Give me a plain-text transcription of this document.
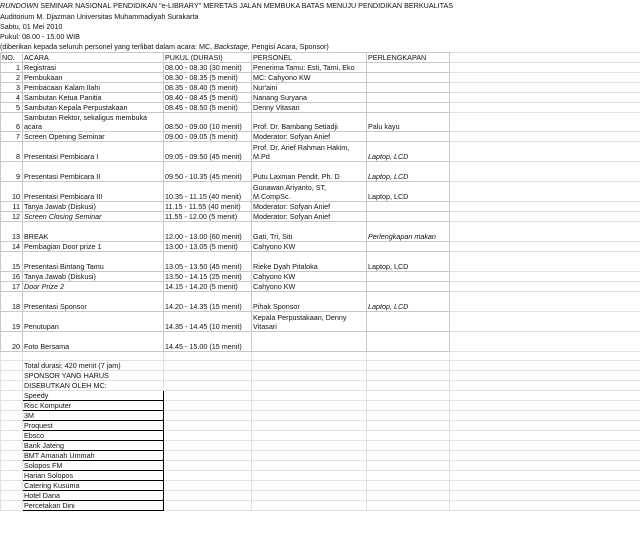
RUNDOWN SEMINAR NASIONAL PENDIDIKAN "e-LIBRARY" MERETAS JALAN MEMBUKA BATAS MENUJU PENDIDIKAN BERKUALITAS
Auditorium M. Djazman Universitas Muhammadiyah Surakarta
Sabtu, 01 Mei 2010
Pukul: 08.00 - 15.00 WIB
(diberikan kepada seluruh personel yang terlibat dalam acara: MC, Backstage, Pengisi Acara, Sponsor)
NO.	ACARA	PUKUL (DURASI)	PERSONEL	PERLENGKAPAN	
1	Registrasi	08.00 - 08.30 (30 menit)	Penerima Tamu: Esti, Tami, Eko		
2	Pembukaan	08.30 - 08.35 (5 menit)	MC: Cahyono KW		
3	Pembacaan Kalam Ilahi	08.35 - 08.40 (5 menit)	Nur'aini		
4	Sambutan Ketua Panitia	08.40 - 08.45 (5 menit)	Nanang Suryana		
5	Sambutan Kepala Perpustakaan	08.45 - 08.50 (5 menit)	Denny Vitasari		
6	Sambutan Rektor, sekaligus membuka acara	08.50 - 09.00 (10 menit)	Prof. Dr. Bambang Setiadji	Palu kayu	
7	Screen Opening Seminar	09.00 - 09.05 (5 menit)	Moderator: Sofyan Anief		
8	Presentasi Pembicara I	09.05 - 09.50 (45 menit)	Prof. Dr. Arief Rahman Hakim, M.Pd	Laptop, LCD	
9	Presentasi Pembicara II	09.50 - 10.35 (45 menit)	Putu Laxman Pendit, Ph. D	Laptop, LCD	
10	Presentasi Pembicara III	10.35 - 11.15 (40 menit)	Gunawan Ariyanto, ST, M.CompSc.	Laptop, LCD	
11	Tanya Jawab (Diskusi)	11.15 - 11.55 (40 menit)	Moderator: Sofyan Anief		
12	Screen Closing Seminar	11.55 - 12.00 (5 menit)	Moderator: Sofyan Anief		
13	BREAK	12.00 - 13.00 (60 menit)	Gati, Tri, Siti	Perlengkapan makan	
14	Pembagian Door prize 1	13.00 - 13.05 (5 menit)	Cahyono KW		
15	Presentasi Bintang Tamu	13.05 - 13.50 (45 menit)	Rieke Dyah Pitaloka	Laptop, LCD	
16	Tanya Jawab (Diskusi)	13.50 - 14.15 (25 menit)	Cahyono KW		
17	Door Prize 2	14.15 - 14.20 (5 menit)	Cahyono KW		
18	Presentasi Sponsor	14.20 - 14.35 (15 menit)	Pihak Sponsor	Laptop, LCD	
19	Penutupan	14.35 - 14.45 (10 menit)	Kepala Perpustakaan, Denny Vitasari		
20	Foto Bersama	14.45 - 15.00 (15 menit)			

	Total durasi: 420 menit (7 jam)				
	SPONSOR YANG HARUS				
	DISEBUTKAN OLEH MC:				
	Speedy				
	Risc Komputer				
	3M				
	Proquest				
	Ebsco				
	Bank Jateng				
	BMT Amanah Ummah				
	Solopos FM				
	Harian Solopos				
	Catering Kusuma				
	Hotel Dana				
	Percetakan Dini				
